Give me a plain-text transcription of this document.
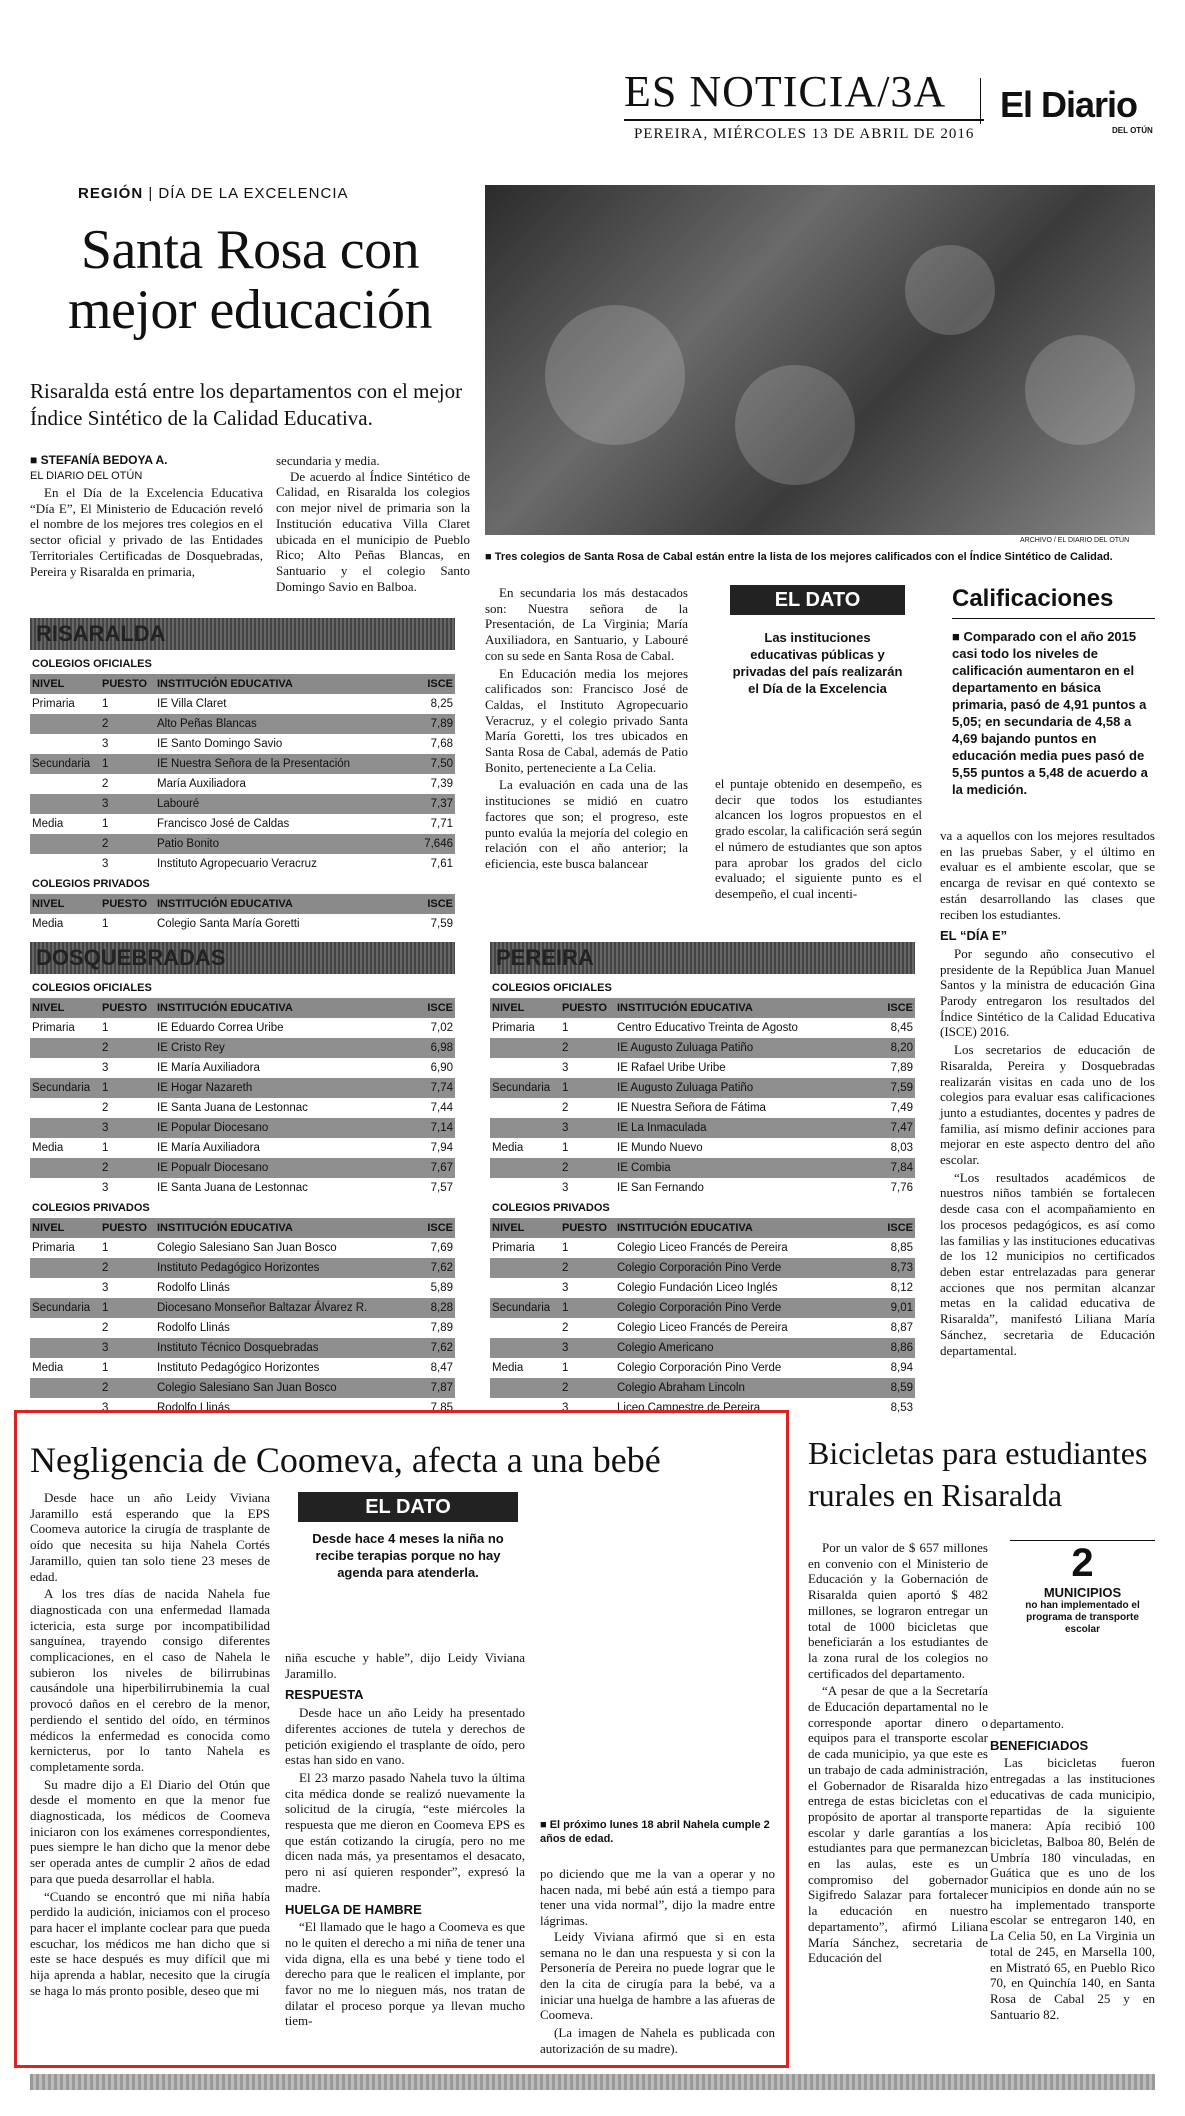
ES NOTICIA/3A El Diario
DEL OTÚN
PEREIRA, MIÉRCOLES 13 DE ABRIL DE 2016
REGIÓN | DÍA DE LA EXCELENCIA
Santa Rosa con
mejor educación
Risaralda está entre los departamentos con el mejor Índice Sintético de la Calidad Educativa.
■ STEFANÍA BEDOYA A.
EL DIARIO DEL OTÚN

En el Día de la Excelencia Educativa “Día E”, El Ministerio de Educación reveló el nombre de los mejores tres colegios en el sector oficial y privado de las Entidades Territoriales Certificadas de Dosquebradas, Pereira y Risaralda en primaria,

secundaria y media.

De acuerdo al Índice Sintético de Calidad, en Risaralda los colegios con mejor nivel de primaria son la Institución educativa Villa Claret ubicada en el municipio de Pueblo Rico; Alto Peñas Blancas, en Santuario y el colegio Santo Domingo Savio en Balboa.

ARCHIVO / EL DIARIO DEL OTÚN
■ Tres colegios de Santa Rosa de Cabal están entre la lista de los mejores calificados con el Índice Sintético de Calidad.

En secundaria los más destacados son: Nuestra señora de la Presentación, de La Virginia; María Auxiliadora, en Santuario, y Labouré con su sede en Santa Rosa de Cabal.

En Educación media los mejores calificados son: Francisco José de Caldas, el Instituto Agropecuario Veracruz, y el colegio privado Santa María Goretti, los tres ubicados en Santa Rosa de Cabal, además de Patio Bonito, perteneciente a La Celia.

La evaluación en cada una de las instituciones se midió en cuatro factores que son; el progreso, este punto evalúa la mejoría del colegio en relación con el año anterior; la eficiencia, este busca balancear

EL DATO
Las instituciones educativas públicas y privadas del país realizarán el Día de la Excelencia
el puntaje obtenido en desempeño, es decir que todos los estudiantes alcancen los logros propuestos en el grado escolar, la calificación será según el número de estudiantes que son aptos para aprobar los grados del ciclo evaluado; el siguiente punto es el desempeño, el cual incenti-
Calificaciones
■ Comparado con el año 2015 casi todo los niveles de calificación aumentaron en el departamento en básica primaria, pasó de 4,91 puntos a 5,05; en secundaria de 4,58 a 4,69 bajando puntos en educación media pues pasó de 5,55 puntos a 5,48 de acuerdo a la medición.
va a aquellos con los mejores resultados en las pruebas Saber, y el último en evaluar es el ambiente escolar, que se encarga de revisar en qué contexto se están desarrollando las clases que reciben los estudiantes.
EL “DÍA E”

Por segundo año consecutivo el presidente de la República Juan Manuel Santos y la ministra de educación Gina Parody entregaron los resultados del Índice Sintético de la Calidad Educativa (ISCE) 2016.

Los secretarios de educación de Risaralda, Pereira y Dosquebradas realizarán visitas en cada uno de los colegios para evaluar esas calificaciones junto a estudiantes, docentes y padres de familia, así mismo definir acciones para mejorar en este aspecto dentro del año escolar.

“Los resultados académicos de nuestros niños también se fortalecen desde casa con el acompañamiento en los procesos pedagógicos, es así como las familias y las instituciones educativas de los 12 municipios no certificados deben estar entrelazadas para generar acciones que nos permitan alcanzar metas en la calidad educativa de Risaralda”, manifestó Liliana María Sánchez, secretaria de Educación departamental.

RISARALDA
COLEGIOS OFICIALES			
NIVEL	PUESTO	INSTITUCIÓN EDUCATIVA	ISCE
Primaria	1	IE Villa Claret	8,25
	2	Alto Peñas Blancas	7,89
	3	IE Santo Domingo Savio	7,68
Secundaria	1	IE Nuestra Señora de la Presentación	7,50
	2	María Auxiliadora	7,39
	3	Labouré	7,37
Media	1	Francisco José de Caldas	7,71
	2	Patio Bonito	7,646
	3	Instituto Agropecuario Veracruz	7,61
COLEGIOS PRIVADOS			
NIVEL	PUESTO	INSTITUCIÓN EDUCATIVA	ISCE
Media	1	Colegio Santa María Goretti	7,59
DOSQUEBRADAS
COLEGIOS OFICIALES			
NIVEL	PUESTO	INSTITUCIÓN EDUCATIVA	ISCE
Primaria	1	IE Eduardo Correa Uribe	7,02
	2	IE Cristo Rey	6,98
	3	IE María Auxiliadora	6,90
Secundaria	1	IE Hogar Nazareth	7,74
	2	IE Santa Juana de Lestonnac	7,44
	3	IE Popular Diocesano	7,14
Media	1	IE María Auxiliadora	7,94
	2	IE Popualr Diocesano	7,67
	3	IE Santa Juana de Lestonnac	7,57
COLEGIOS PRIVADOS			
NIVEL	PUESTO	INSTITUCIÓN EDUCATIVA	ISCE
Primaria	1	Colegio Salesiano San Juan Bosco	7,69
	2	Instituto Pedagógico Horizontes	7,62
	3	Rodolfo Llinás	5,89
Secundaria	1	Diocesano Monseñor Baltazar Álvarez R.	8,28
	2	Rodolfo Llinás	7,89
	3	Instituto Técnico Dosquebradas	7,62
Media	1	Instituto Pedagógico Horizontes	8,47
	2	Colegio Salesiano San Juan Bosco	7,87
	3	Rodolfo Llinás	7,85
PEREIRA
COLEGIOS OFICIALES			
NIVEL	PUESTO	INSTITUCIÓN EDUCATIVA	ISCE
Primaria	1	Centro Educativo Treinta de Agosto	8,45
	2	IE Augusto Zuluaga Patiño	8,20
	3	IE Rafael Uribe Uribe	7,89
Secundaria	1	IE Augusto Zuluaga Patiño	7,59
	2	IE Nuestra Señora de Fátima	7,49
	3	IE La Inmaculada	7,47
Media	1	IE Mundo Nuevo	8,03
	2	IE Combia	7,84
	3	IE San Fernando	7,76
COLEGIOS PRIVADOS			
NIVEL	PUESTO	INSTITUCIÓN EDUCATIVA	ISCE
Primaria	1	Colegio Liceo Francés de Pereira	8,85
	2	Colegio Corporación Pino Verde	8,73
	3	Colegio Fundación Liceo Inglés	8,12
Secundaria	1	Colegio Corporación Pino Verde	9,01
	2	Colegio Liceo Francés de Pereira	8,87
	3	Colegio Americano	8,86
Media	1	Colegio Corporación Pino Verde	8,94
	2	Colegio Abraham Lincoln	8,59
	3	Liceo Campestre de Pereira	8,53
Negligencia de Coomeva, afecta a una bebé

Desde hace un año Leidy Viviana Jaramillo está esperando que la EPS Coomeva autorice la cirugía de trasplante de oído que necesita su hija Nahela Cortés Jaramillo, quien tan solo tiene 23 meses de edad.

A los tres días de nacida Nahela fue diagnosticada con una enfermedad llamada ictericia, esta surge por incompatibilidad sanguínea, trayendo consigo diferentes complicaciones, en el caso de Nahela le subieron los niveles de bilirrubinas causándole una hiperbilirrubinemia la cual provocó daños en el cerebro de la menor, perdiendo el sentido del oído, en términos médicos la enfermedad es conocida como kernicterus, por lo tanto Nahela es completamente sorda.

Su madre dijo a El Diario del Otún que desde el momento en que la menor fue diagnosticada, los médicos de Coomeva iniciaron con los exámenes correspondientes, pues siempre le han dicho que la menor debe ser operada antes de cumplir 2 años de edad para que pueda desarrollar el habla.

“Cuando se encontró que mi niña había perdido la audición, iniciamos con el proceso para hacer el implante coclear para que pueda escuchar, los médicos me han dicho que si este se hace después es muy difícil que mi hija aprenda a hablar, necesito que la cirugía se haga lo más pronto posible, deseo que mi

EL DATO
Desde hace 4 meses la niña no recibe terapias porque no hay agenda para atenderla.
niña escuche y hable”, dijo Leidy Viviana Jaramillo.
RESPUESTA

Desde hace un año Leidy ha presentado diferentes acciones de tutela y derechos de petición exigiendo el trasplante de oído, pero estas han sido en vano.

El 23 marzo pasado Nahela tuvo la última cita médica donde se realizó nuevamente la solicitud de la cirugía, “este miércoles la respuesta que me dieron en Coomeva EPS es que están cotizando la cirugía, pero no me dicen nada más, ya presentamos el desacato, pero ni así quieren responder”, expresó la madre.

HUELGA DE HAMBRE

“El llamado que le hago a Coomeva es que no le quiten el derecho a mi niña de tener una vida digna, ella es una bebé y tiene todo el derecho para que le realicen el implante, por favor no me lo nieguen más, nos tratan de dilatar el proceso porque ya llevan mucho tiem-

■ El próximo lunes 18 abril Nahela cumple 2 años de edad.
po diciendo que me la van a operar y no hacen nada, mi bebé aún está a tiempo para tener una vida normal”, dijo la madre entre lágrimas.

Leidy Viviana afirmó que si en esta semana no le dan una respuesta y si con la Personería de Pereira no puede lograr que le den la cita de cirugía para la bebé, va a iniciar una huelga de hambre a las afueras de Coomeva.

(La imagen de Nahela es publicada con autorización de su madre).

Bicicletas para estudiantes rurales en Risaralda

Por un valor de $ 657 millones en convenio con el Ministerio de Educación y la Gobernación de Risaralda quien aportó $ 482 millones, se lograron entregar un total de 1000 bicicletas que beneficiarán a los estudiantes de la zona rural de los colegios no certificados del departamento.

“A pesar de que a la Secretaría de Educación departamental no le corresponde aportar dinero o equipos para el transporte escolar de cada municipio, ya que este es un trabajo de cada administración, el Gobernador de Risaralda hizo entrega de estas bicicletas con el propósito de aportar al transporte escolar y darle garantías a los estudiantes para que permanezcan en las aulas, este es un compromiso del gobernador Sigifredo Salazar para fortalecer la educación en nuestro departamento”, afirmó Liliana María Sánchez, secretaria de Educación del

2
MUNICIPIOS
no han implementado el programa de transporte escolar
departamento.
BENEFICIADOS

Las bicicletas fueron entregadas a las instituciones educativas de cada municipio, repartidas de la siguiente manera: Apía recibió 100 bicicletas, Balboa 80, Belén de Umbría 180 vinculadas, en Guática que es uno de los municipios en donde aún no se ha implementado transporte escolar se entregaron 140, en La Celia 50, en La Virginia un total de 245, en Marsella 100, en Mistrató 65, en Pueblo Rico 70, en Quinchía 140, en Santa Rosa de Cabal 25 y en Santuario 82.
